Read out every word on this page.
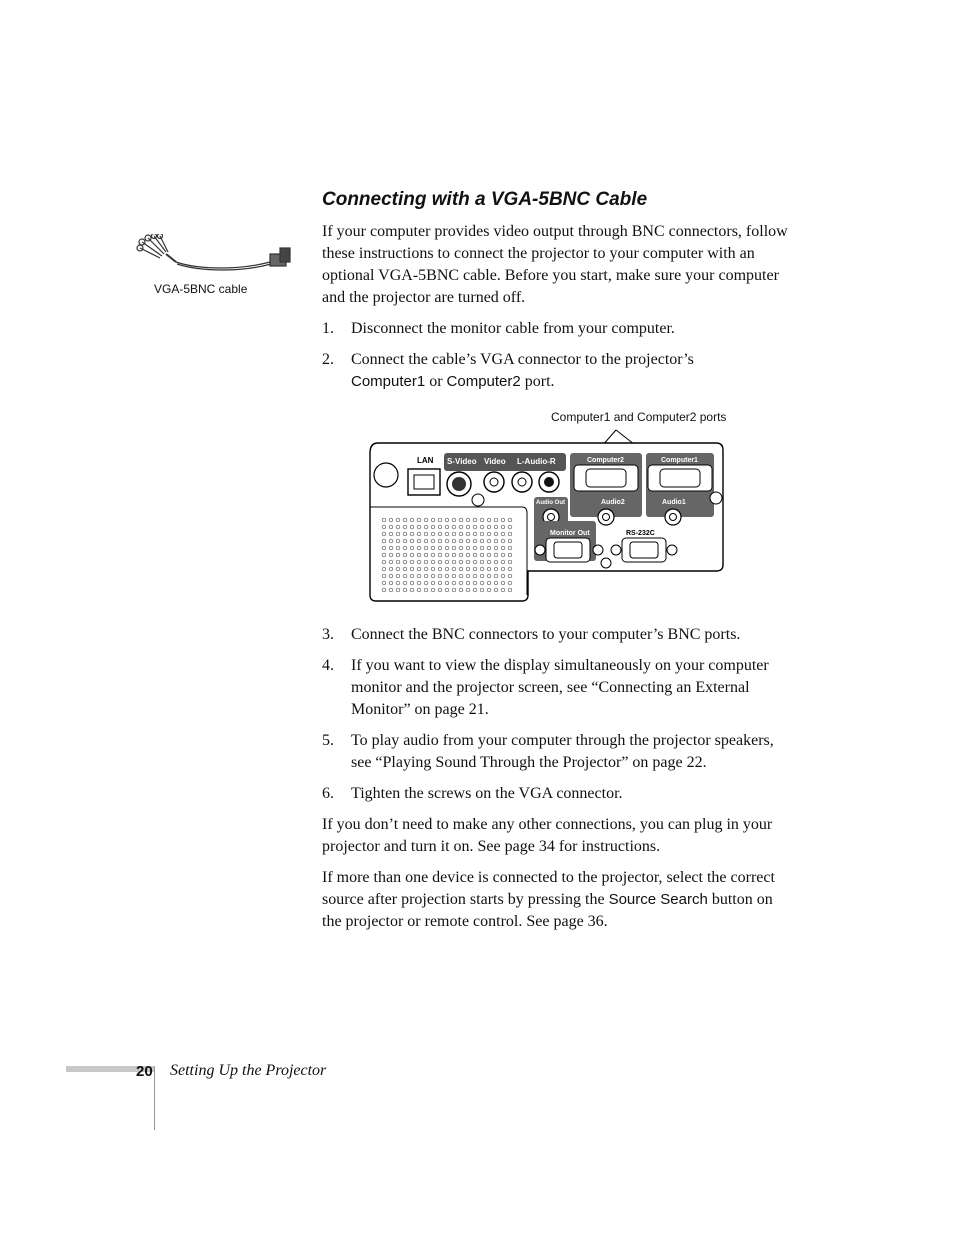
Connecting with a VGA-5BNC Cable
VGA-5BNC cable

If your computer provides video output through BNC connectors, follow these instructions to connect the projector to your computer with an optional VGA-5BNC cable. Before you start, make sure your computer and the projector are turned off.

1. Disconnect the monitor cable from your computer.
2. Connect the cable’s VGA connector to the projector’s
Computer1 or Computer2 port.
Computer1 and Computer2 ports
LAN S-Video Video L-Audio-R	Computer2
Audio2
Computer1
Audio1
Audio Out
Monitor Out	RS-232C
3. Connect the BNC connectors to your computer’s BNC ports.
4. If you want to view the display simultaneously on your computer monitor and the projector screen, see “Connecting an External Monitor” on page 21.
5. To play audio from your computer through the projector speakers, see “Playing Sound Through the Projector” on page 22.
6. Tighten the screws on the VGA connector.

If you don’t need to make any other connections, you can plug in your projector and turn it on. See page 34 for instructions.

If more than one device is connected to the projector, select the correct source after projection starts by pressing the Source Search button on the projector or remote control. See page 36.

20 Setting Up the Projector
